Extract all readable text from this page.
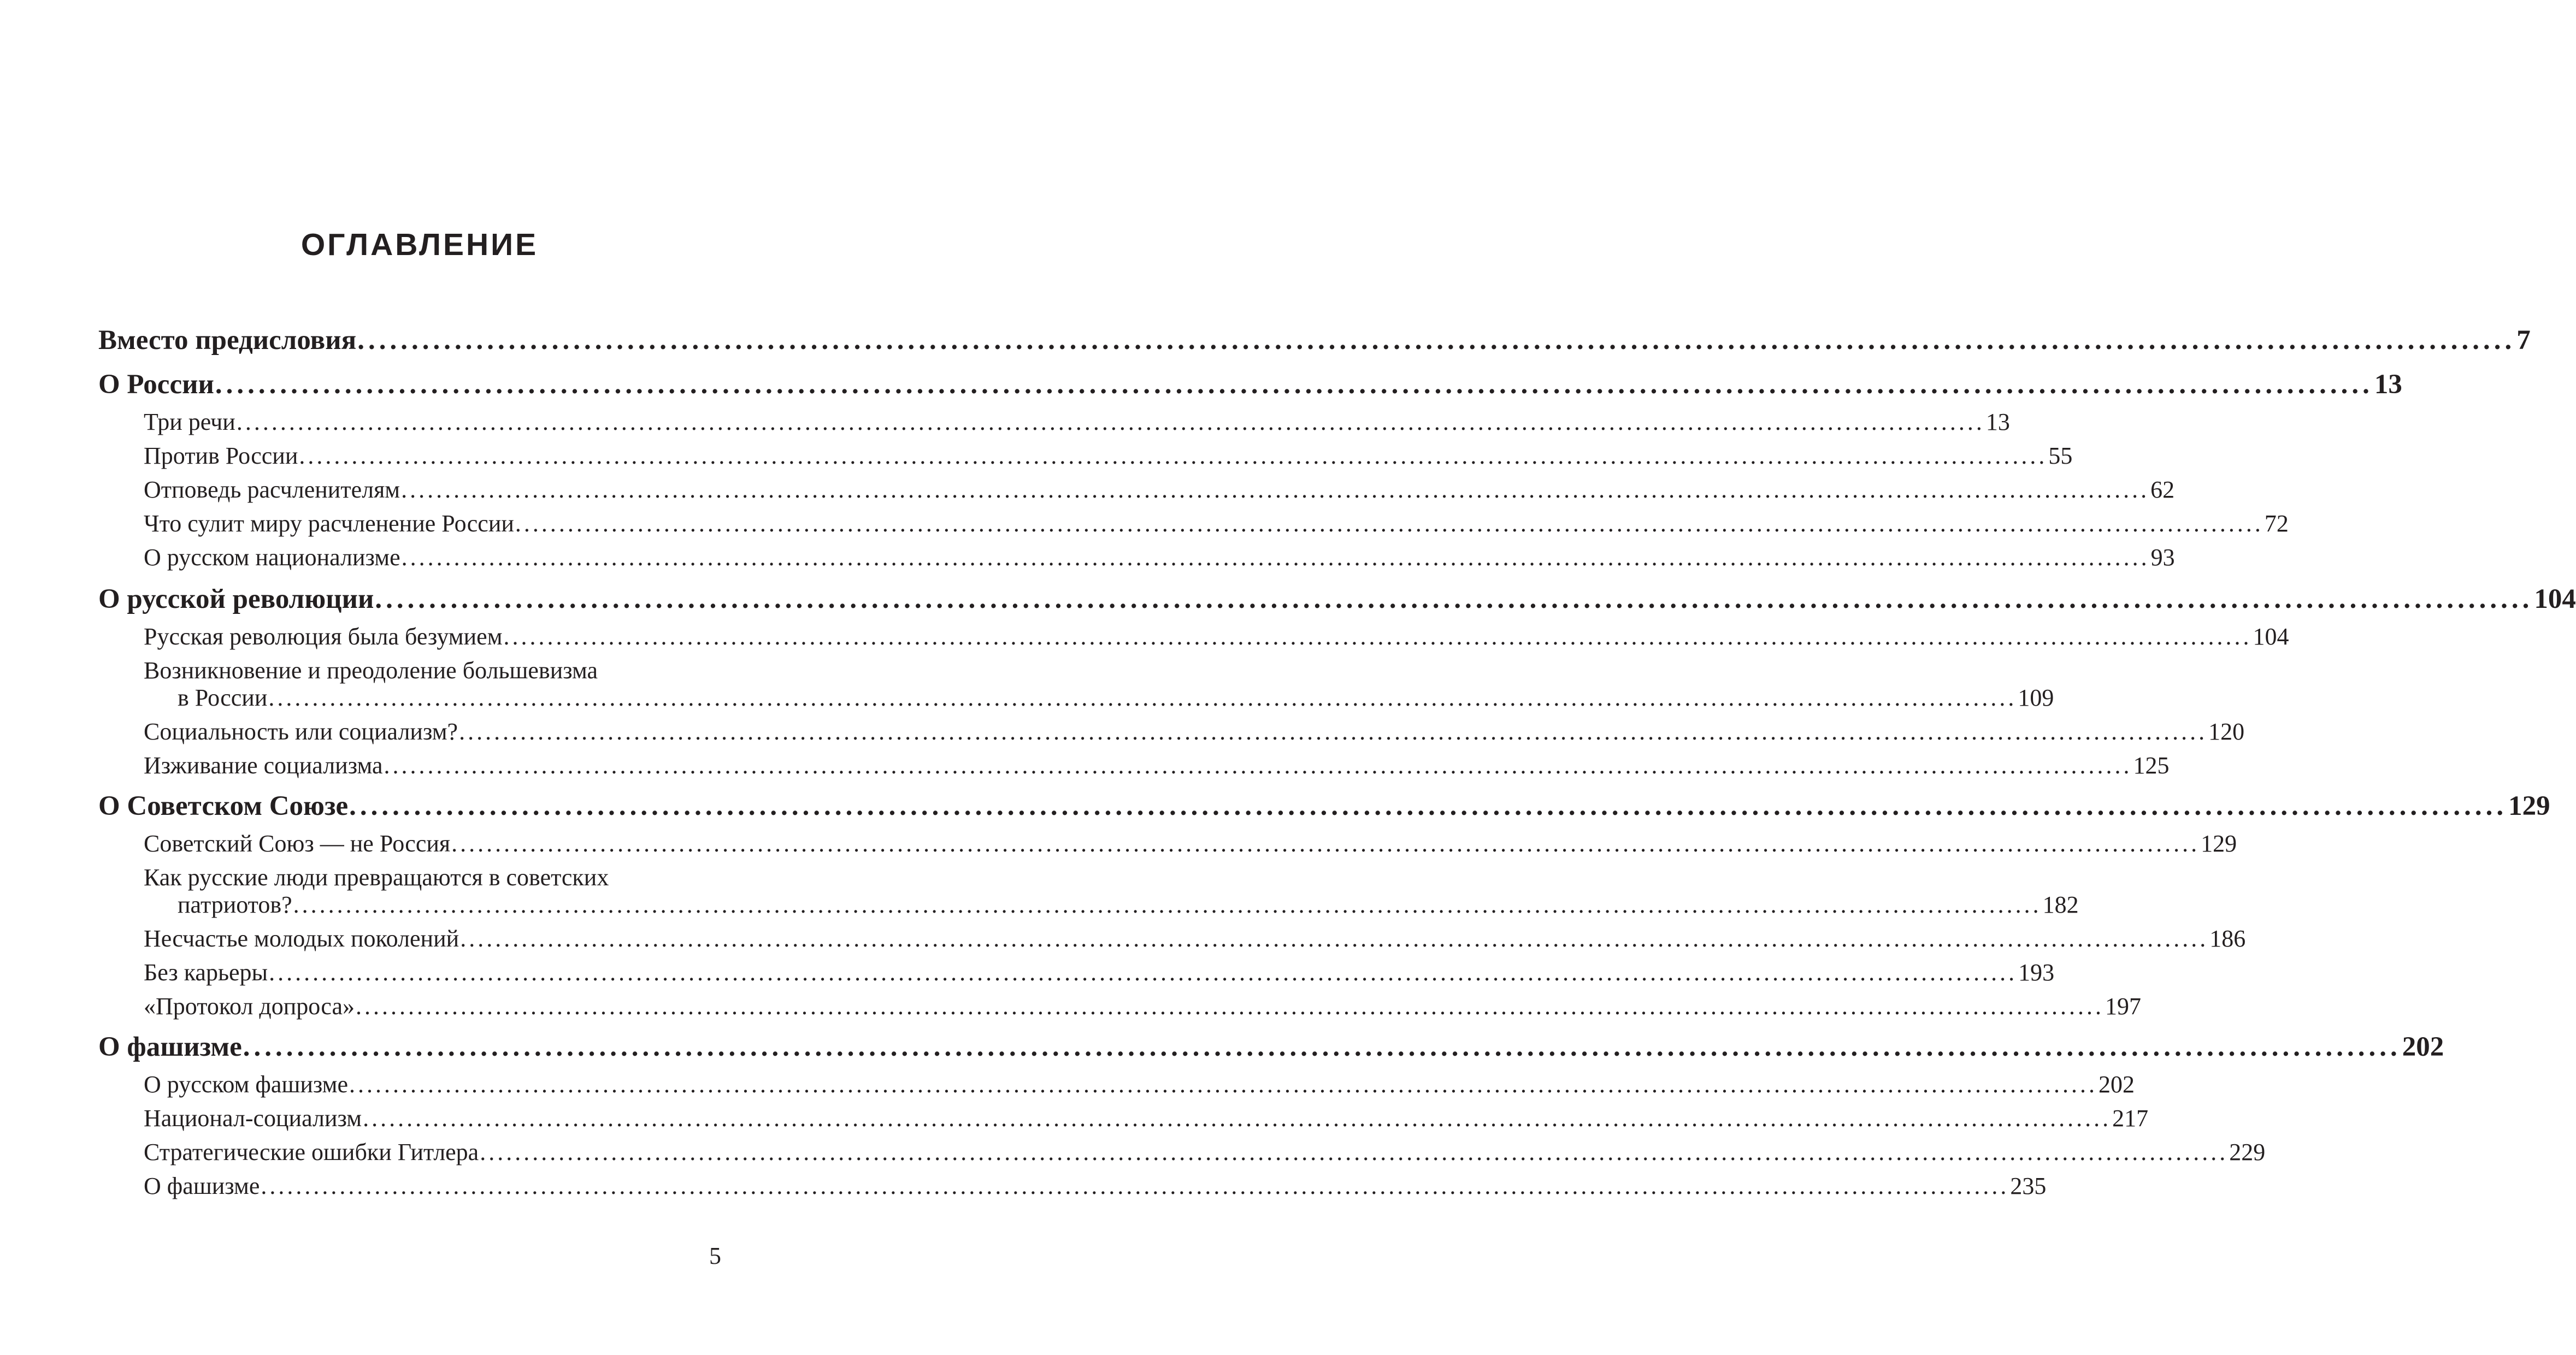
ОГЛАВЛЕНИЕ
Вместо предисловия ........................................................................................................................................................................................................ 7
О России ........................................................................................................................................................................................................ 13
Три речи ........................................................................................................................................................................................................ 13
Против России ........................................................................................................................................................................................................ 55
Отповедь расчленителям ........................................................................................................................................................................................................ 62
Что сулит миру расчленение России ........................................................................................................................................................................................................ 72
О русском национализме ........................................................................................................................................................................................................ 93
О русской революции ........................................................................................................................................................................................................ 104
Русская революция была безумием ........................................................................................................................................................................................................ 104
Возникновение и преодоление большевизма
в России ........................................................................................................................................................................................................ 109
Социальность или социализм? ........................................................................................................................................................................................................ 120
Изживание социализма ........................................................................................................................................................................................................ 125
О Советском Союзе ........................................................................................................................................................................................................ 129
Советский Союз — не Россия ........................................................................................................................................................................................................ 129
Как русские люди превращаются в советских
патриотов? ........................................................................................................................................................................................................ 182
Несчастье молодых поколений ........................................................................................................................................................................................................ 186
Без карьеры ........................................................................................................................................................................................................ 193
«Протокол допроса» ........................................................................................................................................................................................................ 197
О фашизме ........................................................................................................................................................................................................ 202
О русском фашизме ........................................................................................................................................................................................................ 202
Национал-социализм ........................................................................................................................................................................................................ 217
Стратегические ошибки Гитлера ........................................................................................................................................................................................................ 229
О фашизме ........................................................................................................................................................................................................ 235
5
